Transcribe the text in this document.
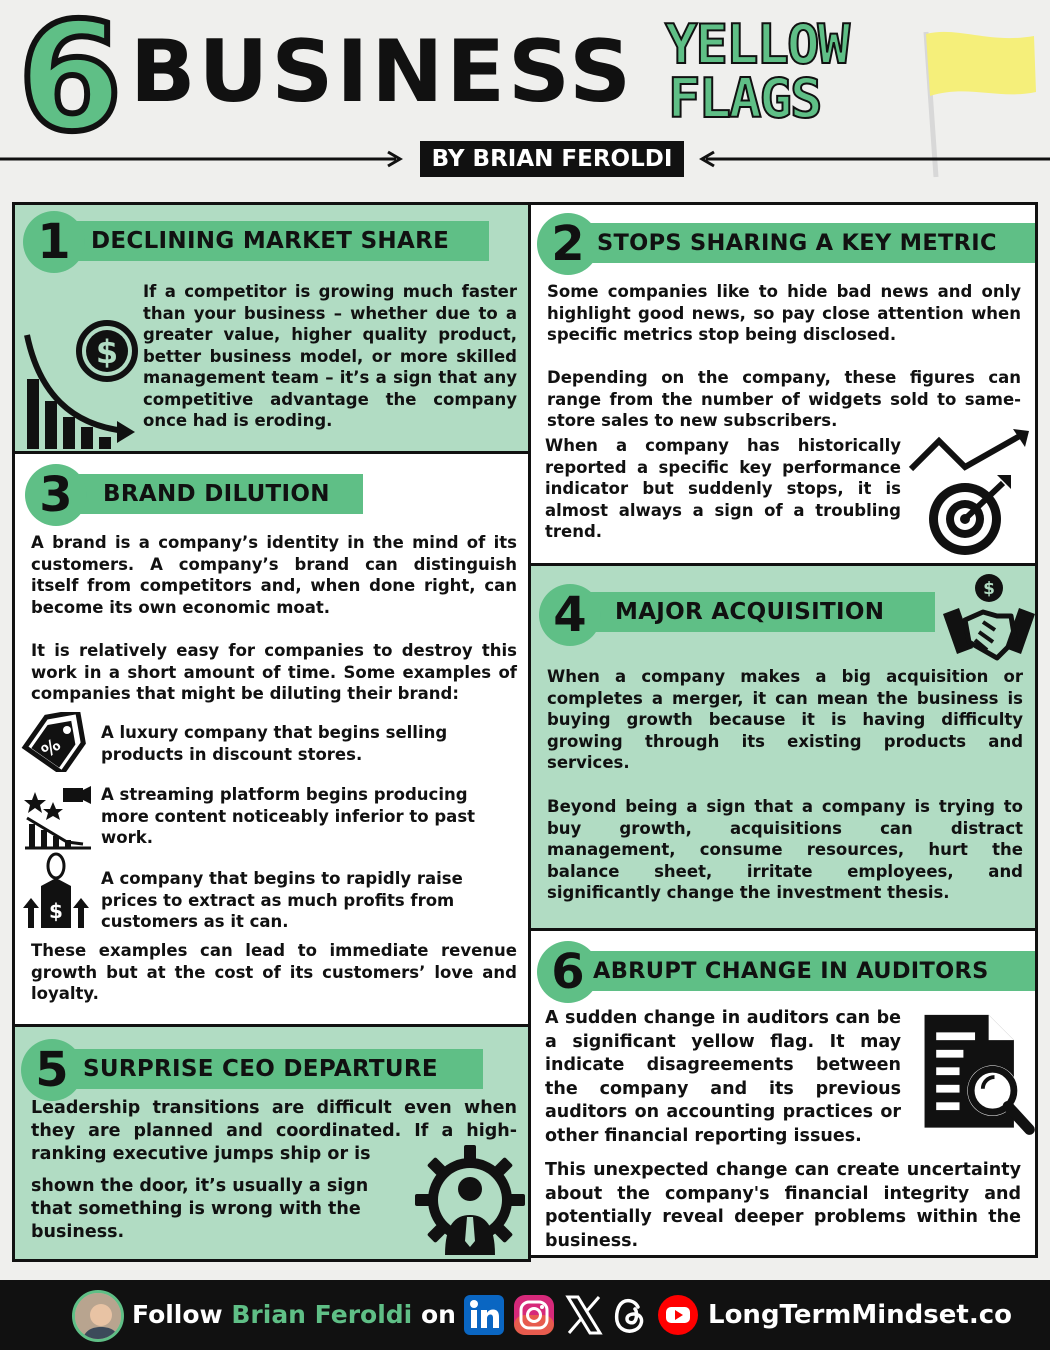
6 BUSINESS YELLOW
FLAGS
BY BRIAN FEROLDI
1 DECLINING MARKET SHARE
$
If a competitor is growing much faster than your business – whether due to a greater value, higher quality product, better business model, or more skilled management team – it’s a sign that any competitive advantage the company once had is eroding.
2 STOPS SHARING A KEY METRIC
Some companies like to hide bad news and only highlight good news, so pay close attention when specific metrics stop being disclosed.
Depending on the company, these figures can range from the number of widgets sold to same-store sales to new subscribers.
When a company has historically reported a specific key performance indicator but suddenly stops, it is almost always a sign of a troubling trend.
3	BRAND DILUTION
A brand is a company’s identity in the mind of its customers. A company’s brand can distinguish itself from competitors and, when done right, can become its own economic moat.
It is relatively easy for companies to destroy this work in a short amount of time. Some examples of companies that might be diluting their brand:
%
A luxury company that begins selling products in discount stores.
A streaming platform begins producing more content noticeably inferior to past work.
$
A company that begins to rapidly raise prices to extract as much profits from customers as it can.
These examples can lead to immediate revenue growth but at the cost of its customers’ love and loyalty.
4	MAJOR ACQUISITION
$
When a company makes a big acquisition or completes a merger, it can mean the business is buying growth because it is having difficulty growing through its existing products and services.
Beyond being a sign that a company is trying to buy growth, acquisitions can distract management, consume resources, hurt the balance sheet, irritate employees, and significantly change the investment thesis.
5 SURPRISE CEO DEPARTURE
Leadership transitions are difficult even when they are planned and coordinated. If a high-ranking executive jumps ship or is
shown the door, it’s usually a sign that something is wrong with the business.
6 ABRUPT CHANGE IN AUDITORS
A sudden change in auditors can be a significant yellow flag. It may indicate disagreements between the company and its previous auditors on accounting practices or other financial reporting issues.
This unexpected change can create uncertainty about the company's financial integrity and potentially reveal deeper problems within the business.
Follow Brian Feroldi on	LongTermMindset.co
